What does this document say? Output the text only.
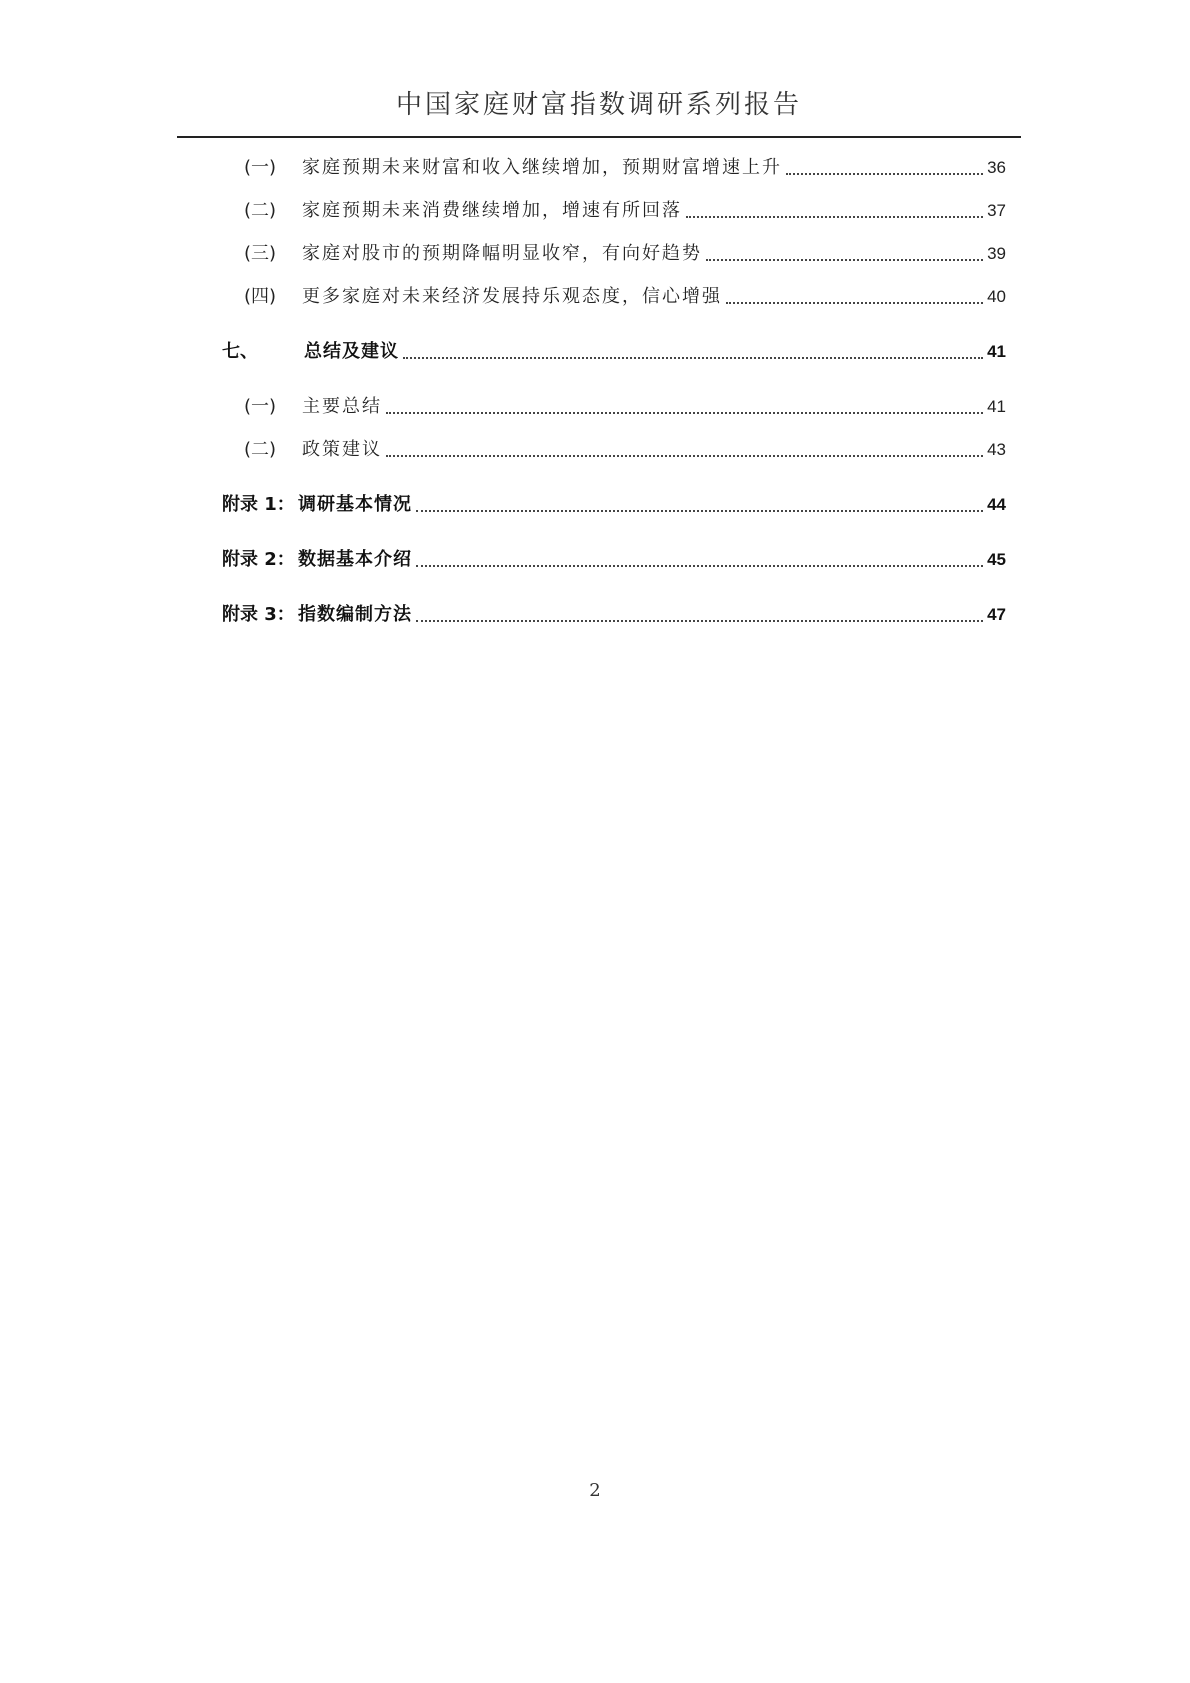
中国家庭财富指数调研系列报告
(一) 家庭预期未来财富和收入继续增加，预期财富增速上升	36
(二) 家庭预期未来消费继续增加，增速有所回落	37
(三) 家庭对股市的预期降幅明显收窄，有向好趋势	39
(四) 更多家庭对未来经济发展持乐观态度，信心增强	40
七、	总结及建议	41
(一) 主要总结	41
(二) 政策建议	43
附录 1： 调研基本情况	44
附录 2： 数据基本介绍	45
附录 3： 指数编制方法	47
2
